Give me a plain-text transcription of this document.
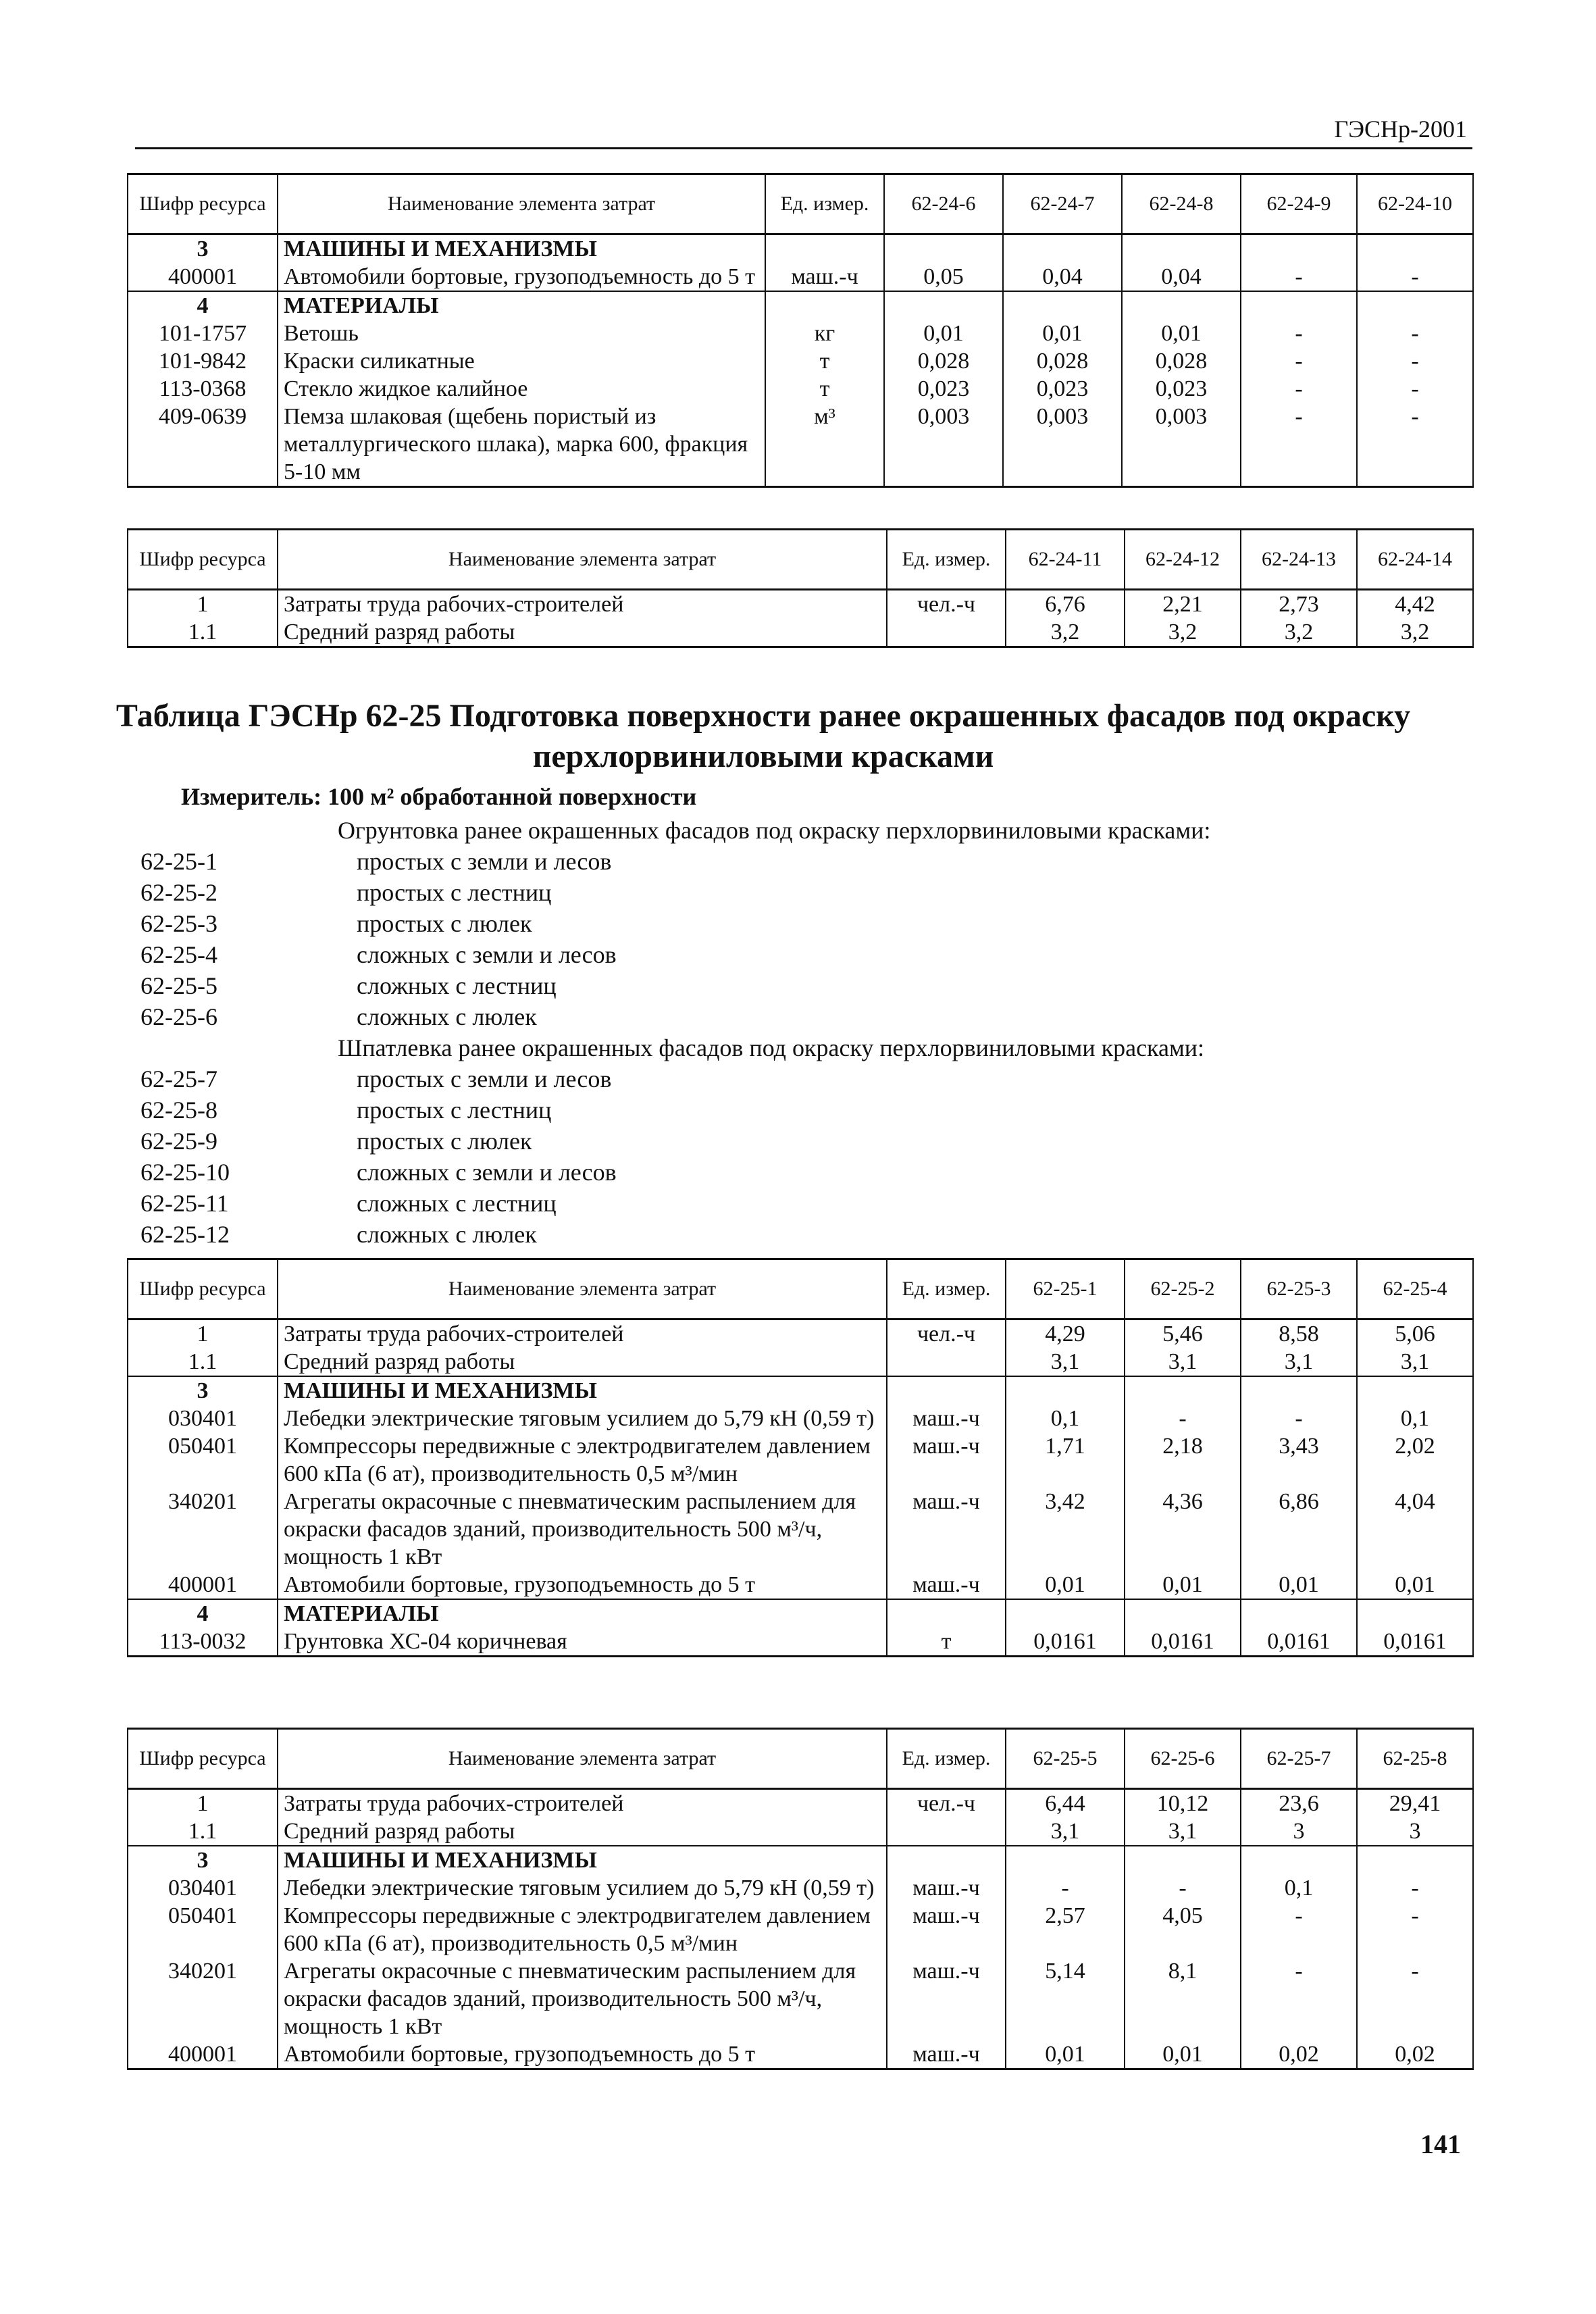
ГЭСНр-2001
Шифр ресурса	Наименование элемента затрат	Ед. измер.	62-24-6	62-24-7	62-24-8	62-24-9	62-24-10
3	МАШИНЫ И МЕХАНИЗМЫ						
400001	Автомобили бортовые, грузоподъемность до 5 т	маш.-ч	0,05	0,04	0,04	-	-
4	МАТЕРИАЛЫ						
101-1757	Ветошь	кг	0,01	0,01	0,01	-	-
101-9842	Краски силикатные	т	0,028	0,028	0,028	-	-
113-0368	Стекло жидкое калийное	т	0,023	0,023	0,023	-	-
409-0639	Пемза шлаковая (щебень пористый из металлургического шлака), марка 600, фракция 5-10 мм	м³	0,003	0,003	0,003	-	-
Шифр ресурса	Наименование элемента затрат	Ед. измер.	62-24-11	62-24-12	62-24-13	62-24-14
1	Затраты труда рабочих-строителей	чел.-ч	6,76	2,21	2,73	4,42
1.1	Средний разряд работы		3,2	3,2	3,2	3,2
Таблица ГЭСНр 62-25 Подготовка поверхности ранее окрашенных фасадов под окраску перхлорвиниловыми красками
Измеритель: 100 м² обработанной поверхности
Огрунтовка ранее окрашенных фасадов под окраску перхлорвиниловыми красками:
62-25-1	простых с земли и лесов
62-25-2	простых с лестниц
62-25-3	простых с люлек
62-25-4	сложных с земли и лесов
62-25-5	сложных с лестниц
62-25-6	сложных с люлек
Шпатлевка ранее окрашенных фасадов под окраску перхлорвиниловыми красками:
62-25-7	простых с земли и лесов
62-25-8	простых с лестниц
62-25-9	простых с люлек
62-25-10	сложных с земли и лесов
62-25-11	сложных с лестниц
62-25-12	сложных с люлек
Шифр ресурса	Наименование элемента затрат	Ед. измер.	62-25-1	62-25-2	62-25-3	62-25-4
1	Затраты труда рабочих-строителей	чел.-ч	4,29	5,46	8,58	5,06
1.1	Средний разряд работы		3,1	3,1	3,1	3,1
3	МАШИНЫ И МЕХАНИЗМЫ					
030401	Лебедки электрические тяговым усилием до 5,79 кН (0,59 т)	маш.-ч	0,1	-	-	0,1
050401	Компрессоры передвижные с электродвигателем давлением 600 кПа (6 ат), производительность 0,5 м³/мин	маш.-ч	1,71	2,18	3,43	2,02
340201	Агрегаты окрасочные с пневматическим распылением для окраски фасадов зданий, производительность 500 м³/ч, мощность 1 кВт	маш.-ч	3,42	4,36	6,86	4,04
400001	Автомобили бортовые, грузоподъемность до 5 т	маш.-ч	0,01	0,01	0,01	0,01
4	МАТЕРИАЛЫ					
113-0032	Грунтовка ХС-04 коричневая	т	0,0161	0,0161	0,0161	0,0161
Шифр ресурса	Наименование элемента затрат	Ед. измер.	62-25-5	62-25-6	62-25-7	62-25-8
1	Затраты труда рабочих-строителей	чел.-ч	6,44	10,12	23,6	29,41
1.1	Средний разряд работы		3,1	3,1	3	3
3	МАШИНЫ И МЕХАНИЗМЫ					
030401	Лебедки электрические тяговым усилием до 5,79 кН (0,59 т)	маш.-ч	-	-	0,1	-
050401	Компрессоры передвижные с электродвигателем давлением 600 кПа (6 ат), производительность 0,5 м³/мин	маш.-ч	2,57	4,05	-	-
340201	Агрегаты окрасочные с пневматическим распылением для окраски фасадов зданий, производительность 500 м³/ч, мощность 1 кВт	маш.-ч	5,14	8,1	-	-
400001	Автомобили бортовые, грузоподъемность до 5 т	маш.-ч	0,01	0,01	0,02	0,02
141
